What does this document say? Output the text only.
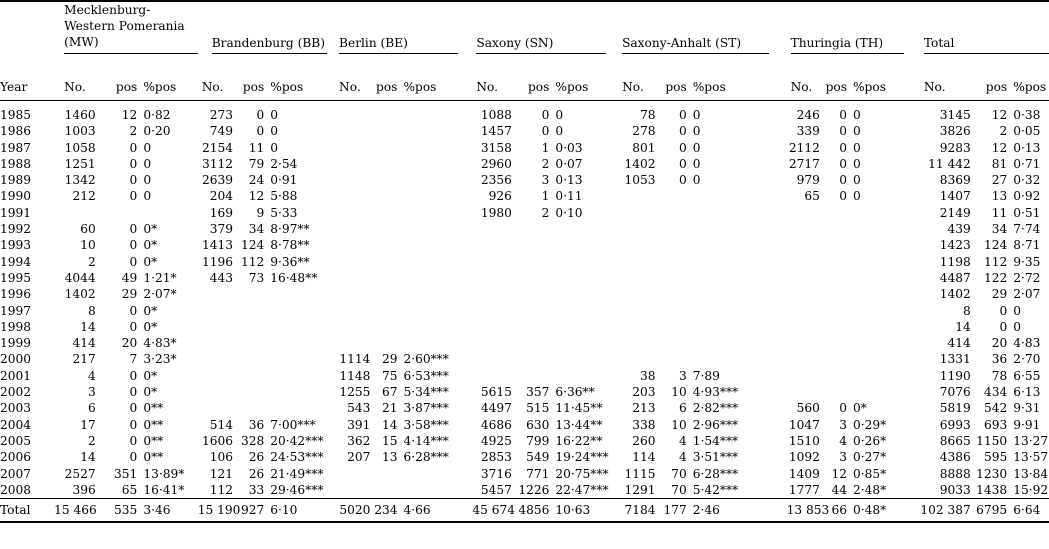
	Mecklenburg-Western Pomerania (MW)			Brandenburg (BB)			Berlin (BE)			Saxony (SN)			Saxony-Anhalt (ST)			Thuringia (TH)			Total		

Year	No.	pos	%pos	No.	pos	%pos	No.	pos	%pos	No.	pos	%pos	No.	pos	%pos	No.	pos	%pos	No.	pos	%pos

1985	1460	12	0·82	273	0	0				1088	0	0	78	0	0	246	0	0	3145	12	0·38
1986	1003	2	0·20	749	0	0				1457	0	0	278	0	0	339	0	0	3826	2	0·05
1987	1058	0	0	2154	11	0				3158	1	0·03	801	0	0	2112	0	0	9283	12	0·13
1988	1251	0	0	3112	79	2·54				2960	2	0·07	1402	0	0	2717	0	0	11 442	81	0·71
1989	1342	0	0	2639	24	0·91				2356	3	0·13	1053	0	0	979	0	0	8369	27	0·32
1990	212	0	0	204	12	5·88				926	1	0·11				65	0	0	1407	13	0·92
1991				169	9	5·33				1980	2	0·10							2149	11	0·51
1992	60	0	0*	379	34	8·97**													439	34	7·74
1993	10	0	0*	1413	124	8·78**													1423	124	8·71
1994	2	0	0*	1196	112	9·36**													1198	112	9·35
1995	4044	49	1·21*	443	73	16·48**													4487	122	2·72
1996	1402	29	2·07*																1402	29	2·07
1997	8	0	0*																8	0	0
1998	14	0	0*																14	0	0
1999	414	20	4·83*																414	20	4·83
2000	217	7	3·23*				1114	29	2·60***										1331	36	2·70
2001	4	0	0*				1148	75	6·53***				38	3	7·89				1190	78	6·55
2002	3	0	0*				1255	67	5·34***	5615	357	6·36**	203	10	4·93***				7076	434	6·13
2003	6	0	0**				543	21	3·87***	4497	515	11·45**	213	6	2·82***	560	0	0*	5819	542	9·31
2004	17	0	0**	514	36	7·00***	391	14	3·58***	4686	630	13·44**	338	10	2·96***	1047	3	0·29*	6993	693	9·91
2005	2	0	0**	1606	328	20·42***	362	15	4·14***	4925	799	16·22**	260	4	1·54***	1510	4	0·26*	8665	1150	13·27
2006	14	0	0**	106	26	24·53***	207	13	6·28***	2853	549	19·24***	114	4	3·51***	1092	3	0·27*	4386	595	13·57
2007	2527	351	13·89*	121	26	21·49***				3716	771	20·75***	1115	70	6·28***	1409	12	0·85*	8888	1230	13·84
2008	396	65	16·41*	112	33	29·46***				5457	1226	22·47***	1291	70	5·42***	1777	44	2·48*	9033	1438	15·92
Total	15 466	535	3·46	15 190	927	6·10	5020	234	4·66	45 674	4856	10·63	7184	177	2·46	13 853	66	0·48*	102 387	6795	6·64
